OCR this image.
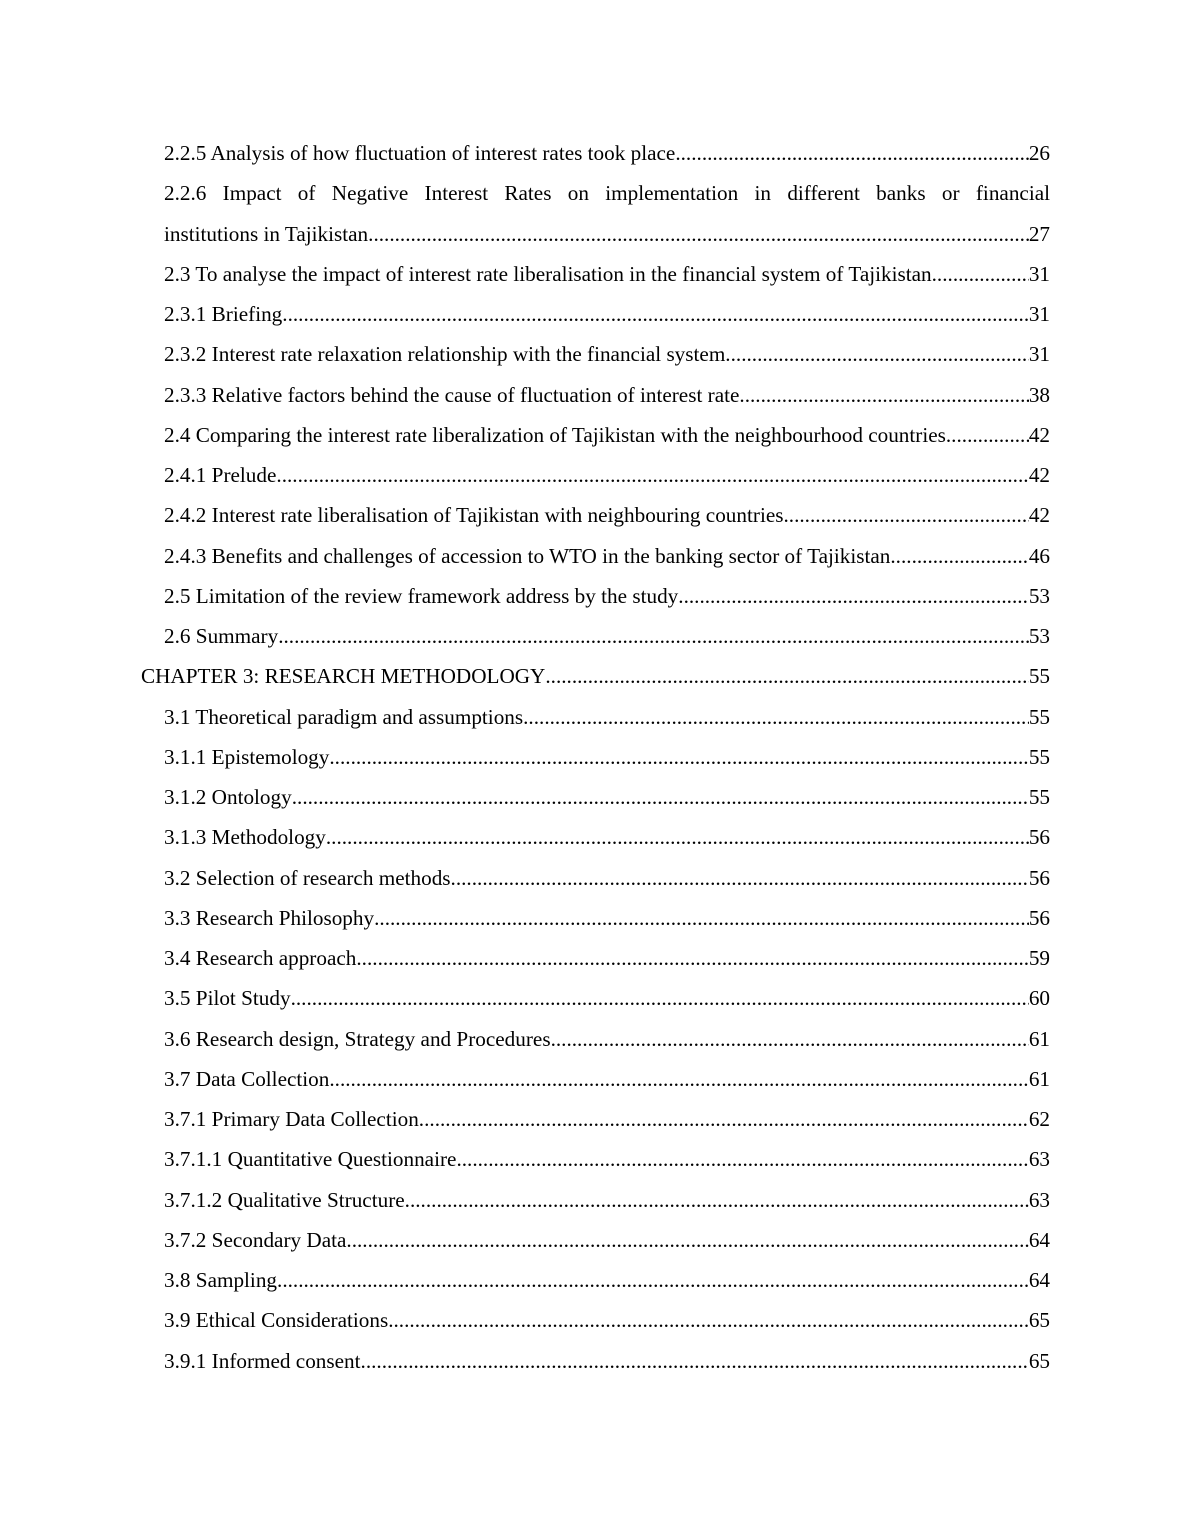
2.2.5 Analysis of how fluctuation of interest rates took place .....	26
2.2.6 Impact of Negative Interest Rates on implementation in different banks or financial
institutions in Tajikistan .....	27
2.3 To analyse the impact of interest rate liberalisation in the financial system of Tajikistan .....	31
2.3.1 Briefing .....	31
2.3.2 Interest rate relaxation relationship with the financial system .....	31
2.3.3 Relative factors behind the cause of fluctuation of interest rate .....	38
2.4 Comparing the interest rate liberalization of Tajikistan with the neighbourhood countries .....	42
2.4.1 Prelude .....	42
2.4.2 Interest rate liberalisation of Tajikistan with neighbouring countries .....	42
2.4.3 Benefits and challenges of accession to WTO in the banking sector of Tajikistan .....	46
2.5 Limitation of the review framework address by the study .....	53
2.6 Summary .....	53
CHAPTER 3: RESEARCH METHODOLOGY .....	55
3.1 Theoretical paradigm and assumptions .....	55
3.1.1 Epistemology .....	55
3.1.2 Ontology .....	55
3.1.3 Methodology .....	56
3.2 Selection of research methods .....	56
3.3 Research Philosophy .....	56
3.4 Research approach .....	59
3.5 Pilot Study .....	60
3.6 Research design, Strategy and Procedures .....	61
3.7 Data Collection .....	61
3.7.1 Primary Data Collection .....	62
3.7.1.1 Quantitative Questionnaire .....	63
3.7.1.2 Qualitative Structure .....	63
3.7.2 Secondary Data .....	64
3.8 Sampling .....	64
3.9 Ethical Considerations .....	65
3.9.1 Informed consent .....	65
